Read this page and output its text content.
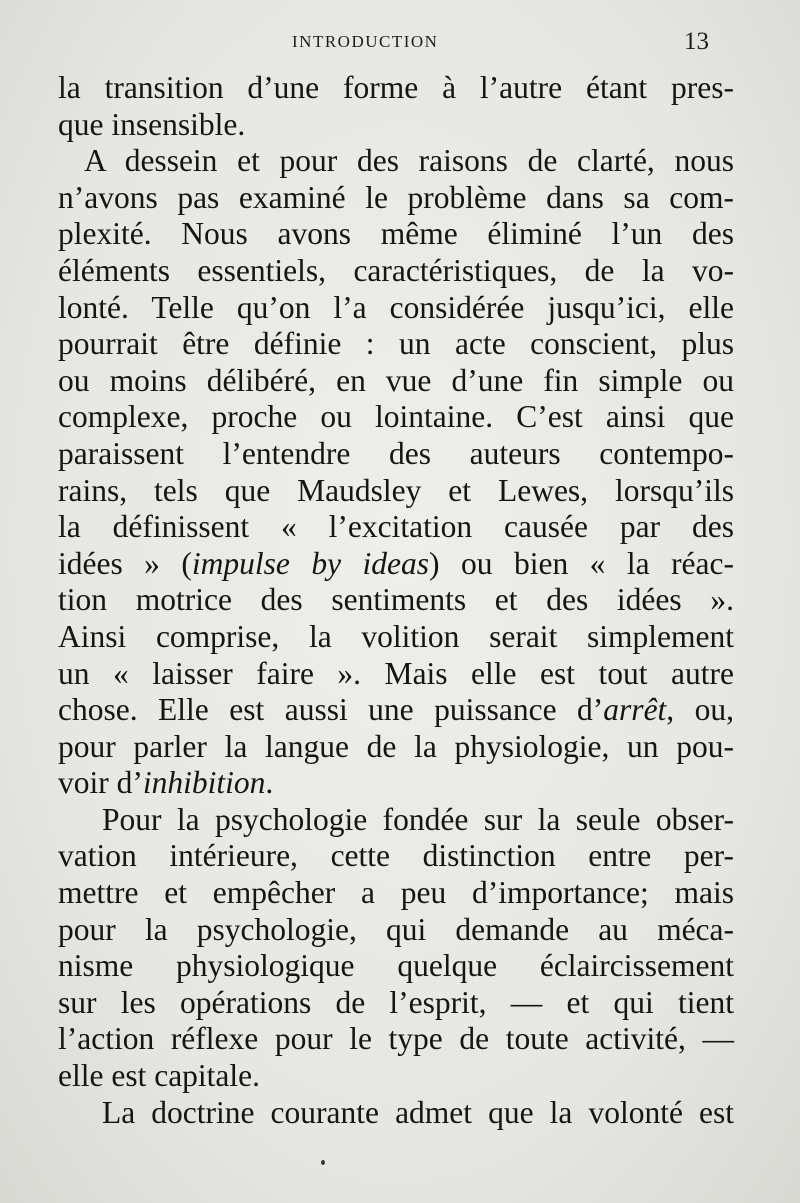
INTRODUCTION	13
la transition d’une forme à l’autre étant pres-
que insensible.
A dessein et pour des raisons de clarté, nous
n’avons pas examiné le problème dans sa com-
plexité. Nous avons même éliminé l’un des
éléments essentiels, caractéristiques, de la vo-
lonté. Telle qu’on l’a considérée jusqu’ici, elle
pourrait être définie : un acte conscient, plus
ou moins délibéré, en vue d’une fin simple ou
complexe, proche ou lointaine. C’est ainsi que
paraissent l’entendre des auteurs contempo-
rains, tels que Maudsley et Lewes, lorsqu’ils
la définissent « l’excitation causée par des
idées » (impulse by ideas) ou bien « la réac-
tion motrice des sentiments et des idées ».
Ainsi comprise, la volition serait simplement
un « laisser faire ». Mais elle est tout autre
chose. Elle est aussi une puissance d’arrêt, ou,
pour parler la langue de la physiologie, un pou-
voir d’inhibition.
Pour la psychologie fondée sur la seule obser-
vation intérieure, cette distinction entre per-
mettre et empêcher a peu d’importance; mais
pour la psychologie, qui demande au méca-
nisme physiologique quelque éclaircissement
sur les opérations de l’esprit, — et qui tient
l’action réflexe pour le type de toute activité, —
elle est capitale.
La doctrine courante admet que la volonté est
